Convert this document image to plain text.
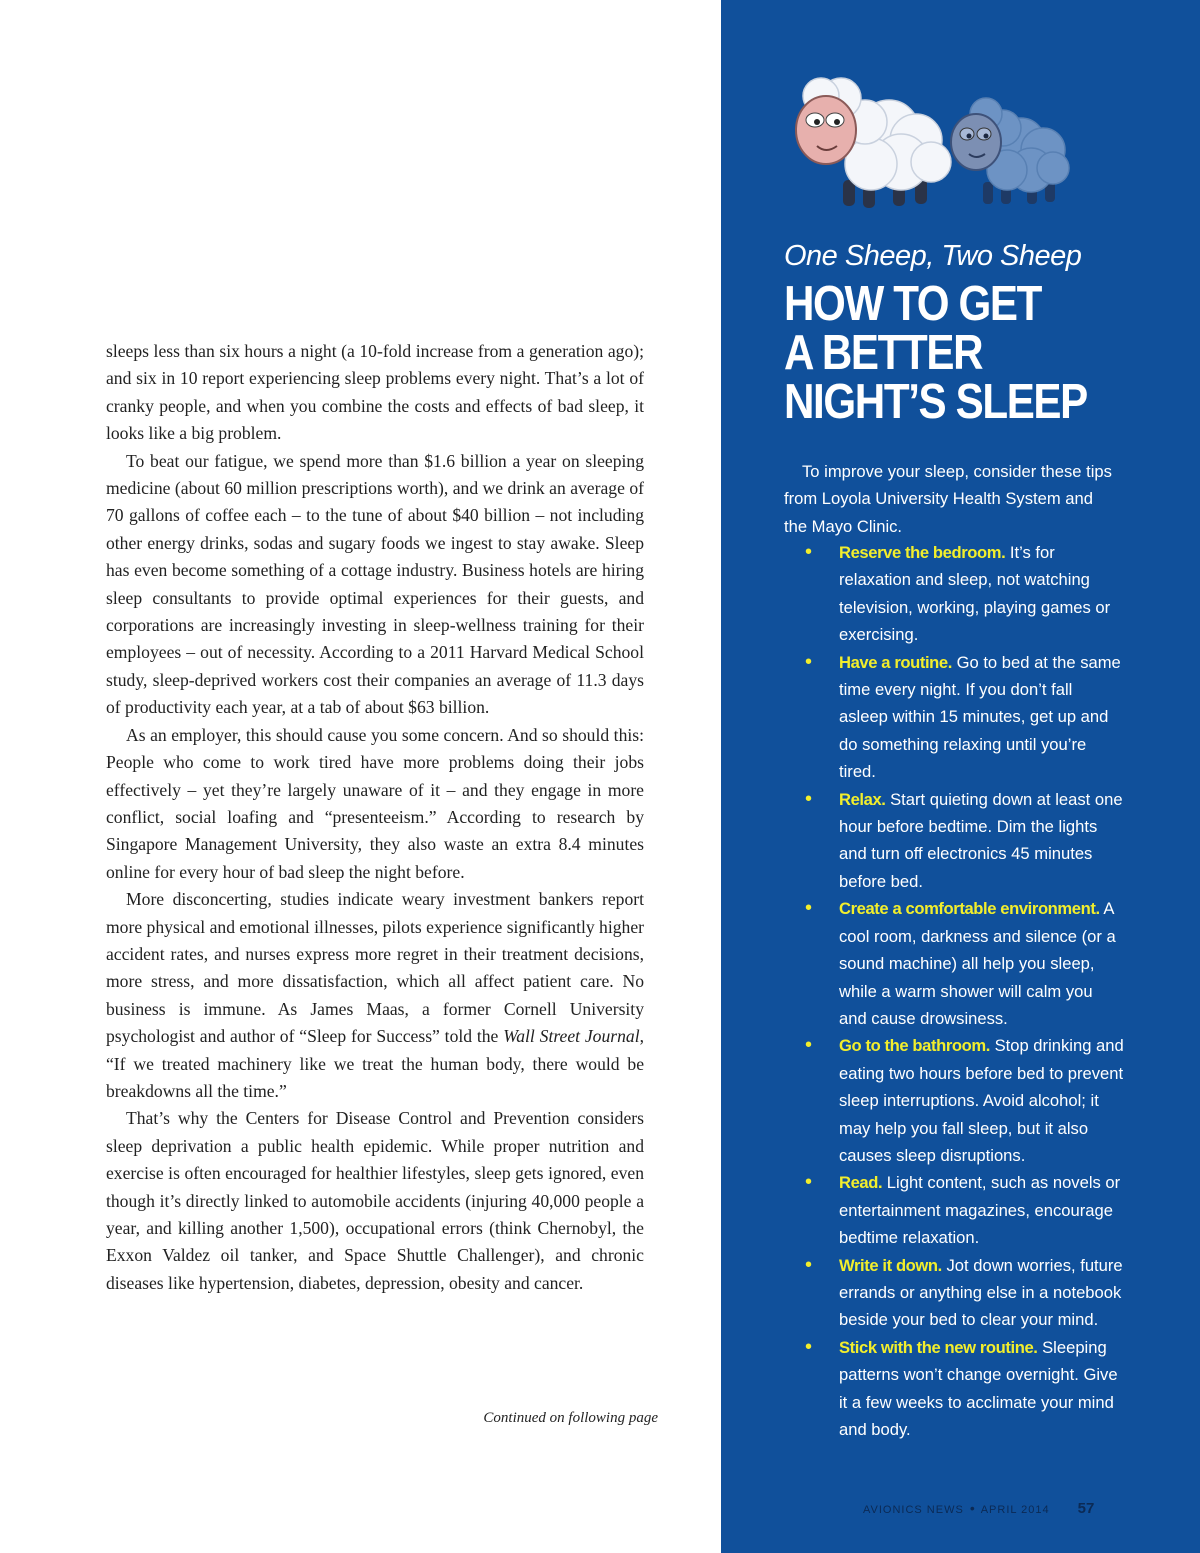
sleeps less than six hours a night (a 10-fold increase from a generation ago); and six in 10 report experiencing sleep problems every night. That’s a lot of cranky people, and when you combine the costs and effects of bad sleep, it looks like a big problem.

To beat our fatigue, we spend more than $1.6 billion a year on sleeping medicine (about 60 million prescriptions worth), and we drink an average of 70 gallons of coffee each – to the tune of about $40 billion – not including other energy drinks, sodas and sugary foods we ingest to stay awake. Sleep has even become something of a cottage industry. Business hotels are hiring sleep consultants to provide optimal experiences for their guests, and corporations are increasingly investing in sleep-wellness training for their employees – out of necessity. According to a 2011 Harvard Medical School study, sleep-deprived workers cost their companies an average of 11.3 days of productivity each year, at a tab of about $63 billion.

As an employer, this should cause you some concern. And so should this: People who come to work tired have more problems doing their jobs effectively – yet they’re largely unaware of it – and they engage in more conflict, social loafing and “presenteeism.” According to research by Singapore Management University, they also waste an extra 8.4 minutes online for every hour of bad sleep the night before.

More disconcerting, studies indicate weary investment bankers report more physical and emotional illnesses, pilots experience significantly higher accident rates, and nurses express more regret in their treatment decisions, more stress, and more dissatisfaction, which all affect patient care. No business is immune. As James Maas, a former Cornell University psychologist and author of “Sleep for Success” told the Wall Street Journal, “If we treated machinery like we treat the human body, there would be breakdowns all the time.”

That’s why the Centers for Disease Control and Prevention considers sleep deprivation a public health epidemic. While proper nutrition and exercise is often encouraged for healthier lifestyles, sleep gets ignored, even though it’s directly linked to automobile accidents (injuring 40,000 people a year, and killing another 1,500), occupational errors (think Chernobyl, the Exxon Valdez oil tanker, and Space Shuttle Challenger), and chronic diseases like hypertension, diabetes, depression, obesity and cancer.

Continued on following page
One Sheep, Two Sheep
HOW TO GET
A BETTER
NIGHT’S SLEEP
To improve your sleep, consider these tips from Loyola University Health System and the Mayo Clinic.
• Reserve the bedroom. It’s for relaxation and sleep, not watching television, working, playing games or exercising.
• Have a routine. Go to bed at the same time every night. If you don’t fall asleep within 15 minutes, get up and do something relaxing until you’re tired.
• Relax. Start quieting down at least one hour before bedtime. Dim the lights and turn off electronics 45 minutes before bed.
• Create a comfortable environment. A cool room, darkness and silence (or a sound machine) all help you sleep, while a warm shower will calm you and cause drowsiness.
• Go to the bathroom. Stop drinking and eating two hours before bed to prevent sleep interruptions. Avoid alcohol; it may help you fall sleep, but it also causes sleep disruptions.
• Read. Light content, such as novels or entertainment magazines, encourage bedtime relaxation.
• Write it down. Jot down worries, future errands or anything else in a notebook beside your bed to clear your mind.
• Stick with the new routine. Sleeping patterns won’t change overnight. Give it a few weeks to acclimate your mind and body.
AVIONICS NEWS • APRIL 2014 57
